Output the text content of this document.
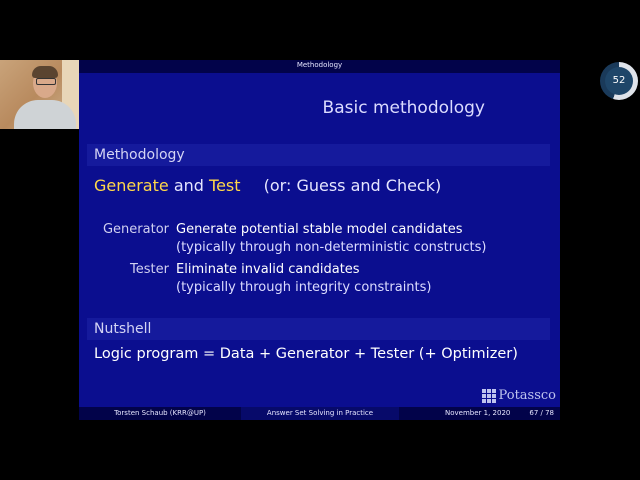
Methodology
Basic methodology
Methodology
Generate and Test (or: Guess and Check)
Generator Generate potential stable model candidates
(typically through non-deterministic constructs)
Tester Eliminate invalid candidates
(typically through integrity constraints)
Nutshell
Logic program = Data + Generator + Tester (+ Optimizer)
Potassco
Torsten Schaub (KRR@UP)	Answer Set Solving in Practice	November 1, 2020	67 / 78
52
